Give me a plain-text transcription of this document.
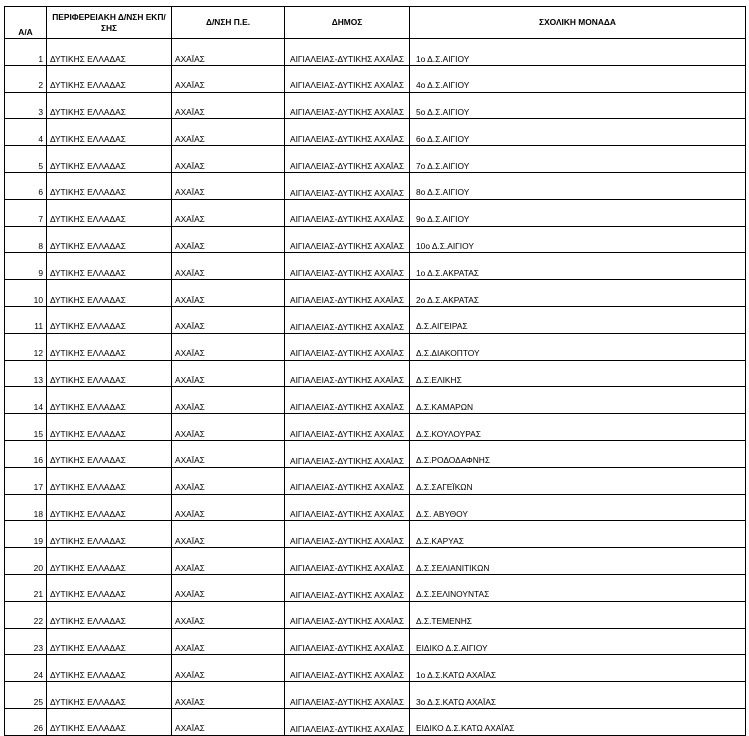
Α/Α	ΠΕΡΙΦΕΡΕΙΑΚΗ Δ/ΝΣΗ ΕΚΠ/ΣΗΣ	Δ/ΝΣΗ Π.Ε.	ΔΗΜΟΣ	ΣΧΟΛΙΚΗ ΜΟΝΑΔΑ
1	ΔΥΤΙΚΗΣ ΕΛΛΑΔΑΣ	ΑΧΑΪΑΣ	ΑΙΓΙΑΛΕΙΑΣ-ΔΥΤΙΚΗΣ ΑΧΑΪΑΣ	1ο Δ.Σ.ΑΙΓΙΟΥ
2	ΔΥΤΙΚΗΣ ΕΛΛΑΔΑΣ	ΑΧΑΪΑΣ	ΑΙΓΙΑΛΕΙΑΣ-ΔΥΤΙΚΗΣ ΑΧΑΪΑΣ	4ο Δ.Σ.ΑΙΓΙΟΥ
3	ΔΥΤΙΚΗΣ ΕΛΛΑΔΑΣ	ΑΧΑΪΑΣ	ΑΙΓΙΑΛΕΙΑΣ-ΔΥΤΙΚΗΣ ΑΧΑΪΑΣ	5ο Δ.Σ.ΑΙΓΙΟΥ
4	ΔΥΤΙΚΗΣ ΕΛΛΑΔΑΣ	ΑΧΑΪΑΣ	ΑΙΓΙΑΛΕΙΑΣ-ΔΥΤΙΚΗΣ ΑΧΑΪΑΣ	6ο Δ.Σ.ΑΙΓΙΟΥ
5	ΔΥΤΙΚΗΣ ΕΛΛΑΔΑΣ	ΑΧΑΪΑΣ	ΑΙΓΙΑΛΕΙΑΣ-ΔΥΤΙΚΗΣ ΑΧΑΪΑΣ	7ο Δ.Σ.ΑΙΓΙΟΥ
6	ΔΥΤΙΚΗΣ ΕΛΛΑΔΑΣ	ΑΧΑΪΑΣ	ΑΙΓΙΑΛΕΙΑΣ-ΔΥΤΙΚΗΣ ΑΧΑΪΑΣ	8ο Δ.Σ.ΑΙΓΙΟΥ
7	ΔΥΤΙΚΗΣ ΕΛΛΑΔΑΣ	ΑΧΑΪΑΣ	ΑΙΓΙΑΛΕΙΑΣ-ΔΥΤΙΚΗΣ ΑΧΑΪΑΣ	9ο Δ.Σ.ΑΙΓΙΟΥ
8	ΔΥΤΙΚΗΣ ΕΛΛΑΔΑΣ	ΑΧΑΪΑΣ	ΑΙΓΙΑΛΕΙΑΣ-ΔΥΤΙΚΗΣ ΑΧΑΪΑΣ	10ο Δ.Σ.ΑΙΓΙΟΥ
9	ΔΥΤΙΚΗΣ ΕΛΛΑΔΑΣ	ΑΧΑΪΑΣ	ΑΙΓΙΑΛΕΙΑΣ-ΔΥΤΙΚΗΣ ΑΧΑΪΑΣ	1ο Δ.Σ.ΑΚΡΑΤΑΣ
10	ΔΥΤΙΚΗΣ ΕΛΛΑΔΑΣ	ΑΧΑΪΑΣ	ΑΙΓΙΑΛΕΙΑΣ-ΔΥΤΙΚΗΣ ΑΧΑΪΑΣ	2ο Δ.Σ.ΑΚΡΑΤΑΣ
11	ΔΥΤΙΚΗΣ ΕΛΛΑΔΑΣ	ΑΧΑΪΑΣ	ΑΙΓΙΑΛΕΙΑΣ-ΔΥΤΙΚΗΣ ΑΧΑΪΑΣ	Δ.Σ.ΑΙΓΕΙΡΑΣ
12	ΔΥΤΙΚΗΣ ΕΛΛΑΔΑΣ	ΑΧΑΪΑΣ	ΑΙΓΙΑΛΕΙΑΣ-ΔΥΤΙΚΗΣ ΑΧΑΪΑΣ	Δ.Σ.ΔΙΑΚΟΠΤΟΥ
13	ΔΥΤΙΚΗΣ ΕΛΛΑΔΑΣ	ΑΧΑΪΑΣ	ΑΙΓΙΑΛΕΙΑΣ-ΔΥΤΙΚΗΣ ΑΧΑΪΑΣ	Δ.Σ.ΕΛΙΚΗΣ
14	ΔΥΤΙΚΗΣ ΕΛΛΑΔΑΣ	ΑΧΑΪΑΣ	ΑΙΓΙΑΛΕΙΑΣ-ΔΥΤΙΚΗΣ ΑΧΑΪΑΣ	Δ.Σ.ΚΑΜΑΡΩΝ
15	ΔΥΤΙΚΗΣ ΕΛΛΑΔΑΣ	ΑΧΑΪΑΣ	ΑΙΓΙΑΛΕΙΑΣ-ΔΥΤΙΚΗΣ ΑΧΑΪΑΣ	Δ.Σ.ΚΟΥΛΟΥΡΑΣ
16	ΔΥΤΙΚΗΣ ΕΛΛΑΔΑΣ	ΑΧΑΪΑΣ	ΑΙΓΙΑΛΕΙΑΣ-ΔΥΤΙΚΗΣ ΑΧΑΪΑΣ	Δ.Σ.ΡΟΔΟΔΑΦΝΗΣ
17	ΔΥΤΙΚΗΣ ΕΛΛΑΔΑΣ	ΑΧΑΪΑΣ	ΑΙΓΙΑΛΕΙΑΣ-ΔΥΤΙΚΗΣ ΑΧΑΪΑΣ	Δ.Σ.ΣΑΓΕΪΚΩΝ
18	ΔΥΤΙΚΗΣ ΕΛΛΑΔΑΣ	ΑΧΑΪΑΣ	ΑΙΓΙΑΛΕΙΑΣ-ΔΥΤΙΚΗΣ ΑΧΑΪΑΣ	Δ.Σ. ΑΒΥΘΟΥ
19	ΔΥΤΙΚΗΣ ΕΛΛΑΔΑΣ	ΑΧΑΪΑΣ	ΑΙΓΙΑΛΕΙΑΣ-ΔΥΤΙΚΗΣ ΑΧΑΪΑΣ	Δ.Σ.ΚΑΡΥΑΣ
20	ΔΥΤΙΚΗΣ ΕΛΛΑΔΑΣ	ΑΧΑΪΑΣ	ΑΙΓΙΑΛΕΙΑΣ-ΔΥΤΙΚΗΣ ΑΧΑΪΑΣ	Δ.Σ.ΣΕΛΙΑΝΙΤΙΚΩΝ
21	ΔΥΤΙΚΗΣ ΕΛΛΑΔΑΣ	ΑΧΑΪΑΣ	ΑΙΓΙΑΛΕΙΑΣ-ΔΥΤΙΚΗΣ ΑΧΑΪΑΣ	Δ.Σ.ΣΕΛΙΝΟΥΝΤΑΣ
22	ΔΥΤΙΚΗΣ ΕΛΛΑΔΑΣ	ΑΧΑΪΑΣ	ΑΙΓΙΑΛΕΙΑΣ-ΔΥΤΙΚΗΣ ΑΧΑΪΑΣ	Δ.Σ.ΤΕΜΕΝΗΣ
23	ΔΥΤΙΚΗΣ ΕΛΛΑΔΑΣ	ΑΧΑΪΑΣ	ΑΙΓΙΑΛΕΙΑΣ-ΔΥΤΙΚΗΣ ΑΧΑΪΑΣ	ΕΙΔΙΚΟ Δ.Σ.ΑΙΓΙΟΥ
24	ΔΥΤΙΚΗΣ ΕΛΛΑΔΑΣ	ΑΧΑΪΑΣ	ΑΙΓΙΑΛΕΙΑΣ-ΔΥΤΙΚΗΣ ΑΧΑΪΑΣ	1ο Δ.Σ.ΚΑΤΩ ΑΧΑΪΑΣ
25	ΔΥΤΙΚΗΣ ΕΛΛΑΔΑΣ	ΑΧΑΪΑΣ	ΑΙΓΙΑΛΕΙΑΣ-ΔΥΤΙΚΗΣ ΑΧΑΪΑΣ	3ο Δ.Σ.ΚΑΤΩ ΑΧΑΪΑΣ
26	ΔΥΤΙΚΗΣ ΕΛΛΑΔΑΣ	ΑΧΑΪΑΣ	ΑΙΓΙΑΛΕΙΑΣ-ΔΥΤΙΚΗΣ ΑΧΑΪΑΣ	ΕΙΔΙΚΟ Δ.Σ.ΚΑΤΩ ΑΧΑΪΑΣ
